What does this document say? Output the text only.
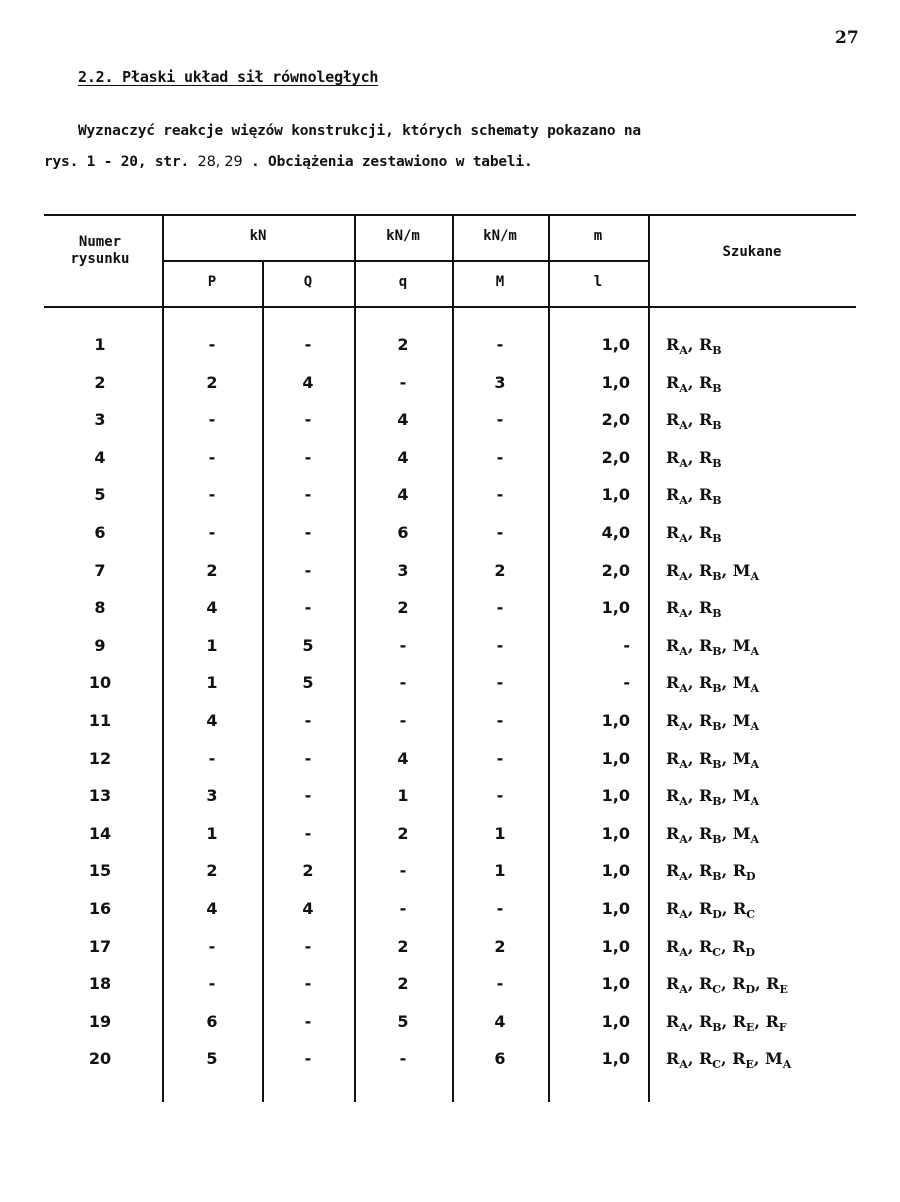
27
2.2. Płaski układ sił równoległych
Wyznaczyć reakcje więzów konstrukcji, których schematy pokazano na
rys. 1 - 20, str. 28, 29 . Obciążenia zestawiono w tabeli.
Numer rysunku
kN	kN/m	kN/m	m
Szukane
P	Q	q	M	l
1	-	-	2	-	1,0 $R_A$, $R_B$
2	2	4	-	3	1,0 $R_A$, $R_B$
3	-	-	4	-	2,0 $R_A$, $R_B$
4	-	-	4	-	2,0 $R_A$, $R_B$
5	-	-	4	-	1,0 $R_A$, $R_B$
6	-	-	6	-	4,0 $R_A$, $R_B$
7	2	-	3	2	2,0 $R_A$, $R_B$, $M_A$
8	4	-	2	-	1,0 $R_A$, $R_B$
9	1	5	-	-	- $R_A$, $R_B$, $M_A$
10	1	5	-	-	- $R_A$, $R_B$, $M_A$
11	4	-	-	-	1,0 $R_A$, $R_B$, $M_A$
12	-	-	4	-	1,0 $R_A$, $R_B$, $M_A$
13	3	-	1	-	1,0 $R_A$, $R_B$, $M_A$
14	1	-	2	1	1,0 $R_A$, $R_B$, $M_A$
15	2	2	-	1	1,0 $R_A$, $R_B$, $R_D$
16	4	4	-	-	1,0 $R_A$, $R_D$, $R_C$
17	-	-	2	2	1,0 $R_A$, $R_C$, $R_D$
18	-	-	2	-	1,0 $R_A$, $R_C$, $R_D$, $R_E$
19	6	-	5	4	1,0 $R_A$, $R_B$, $R_E$, $R_F$
20	5	-	-	6	1,0 $R_A$, $R_C$, $R_E$, $M_A$
